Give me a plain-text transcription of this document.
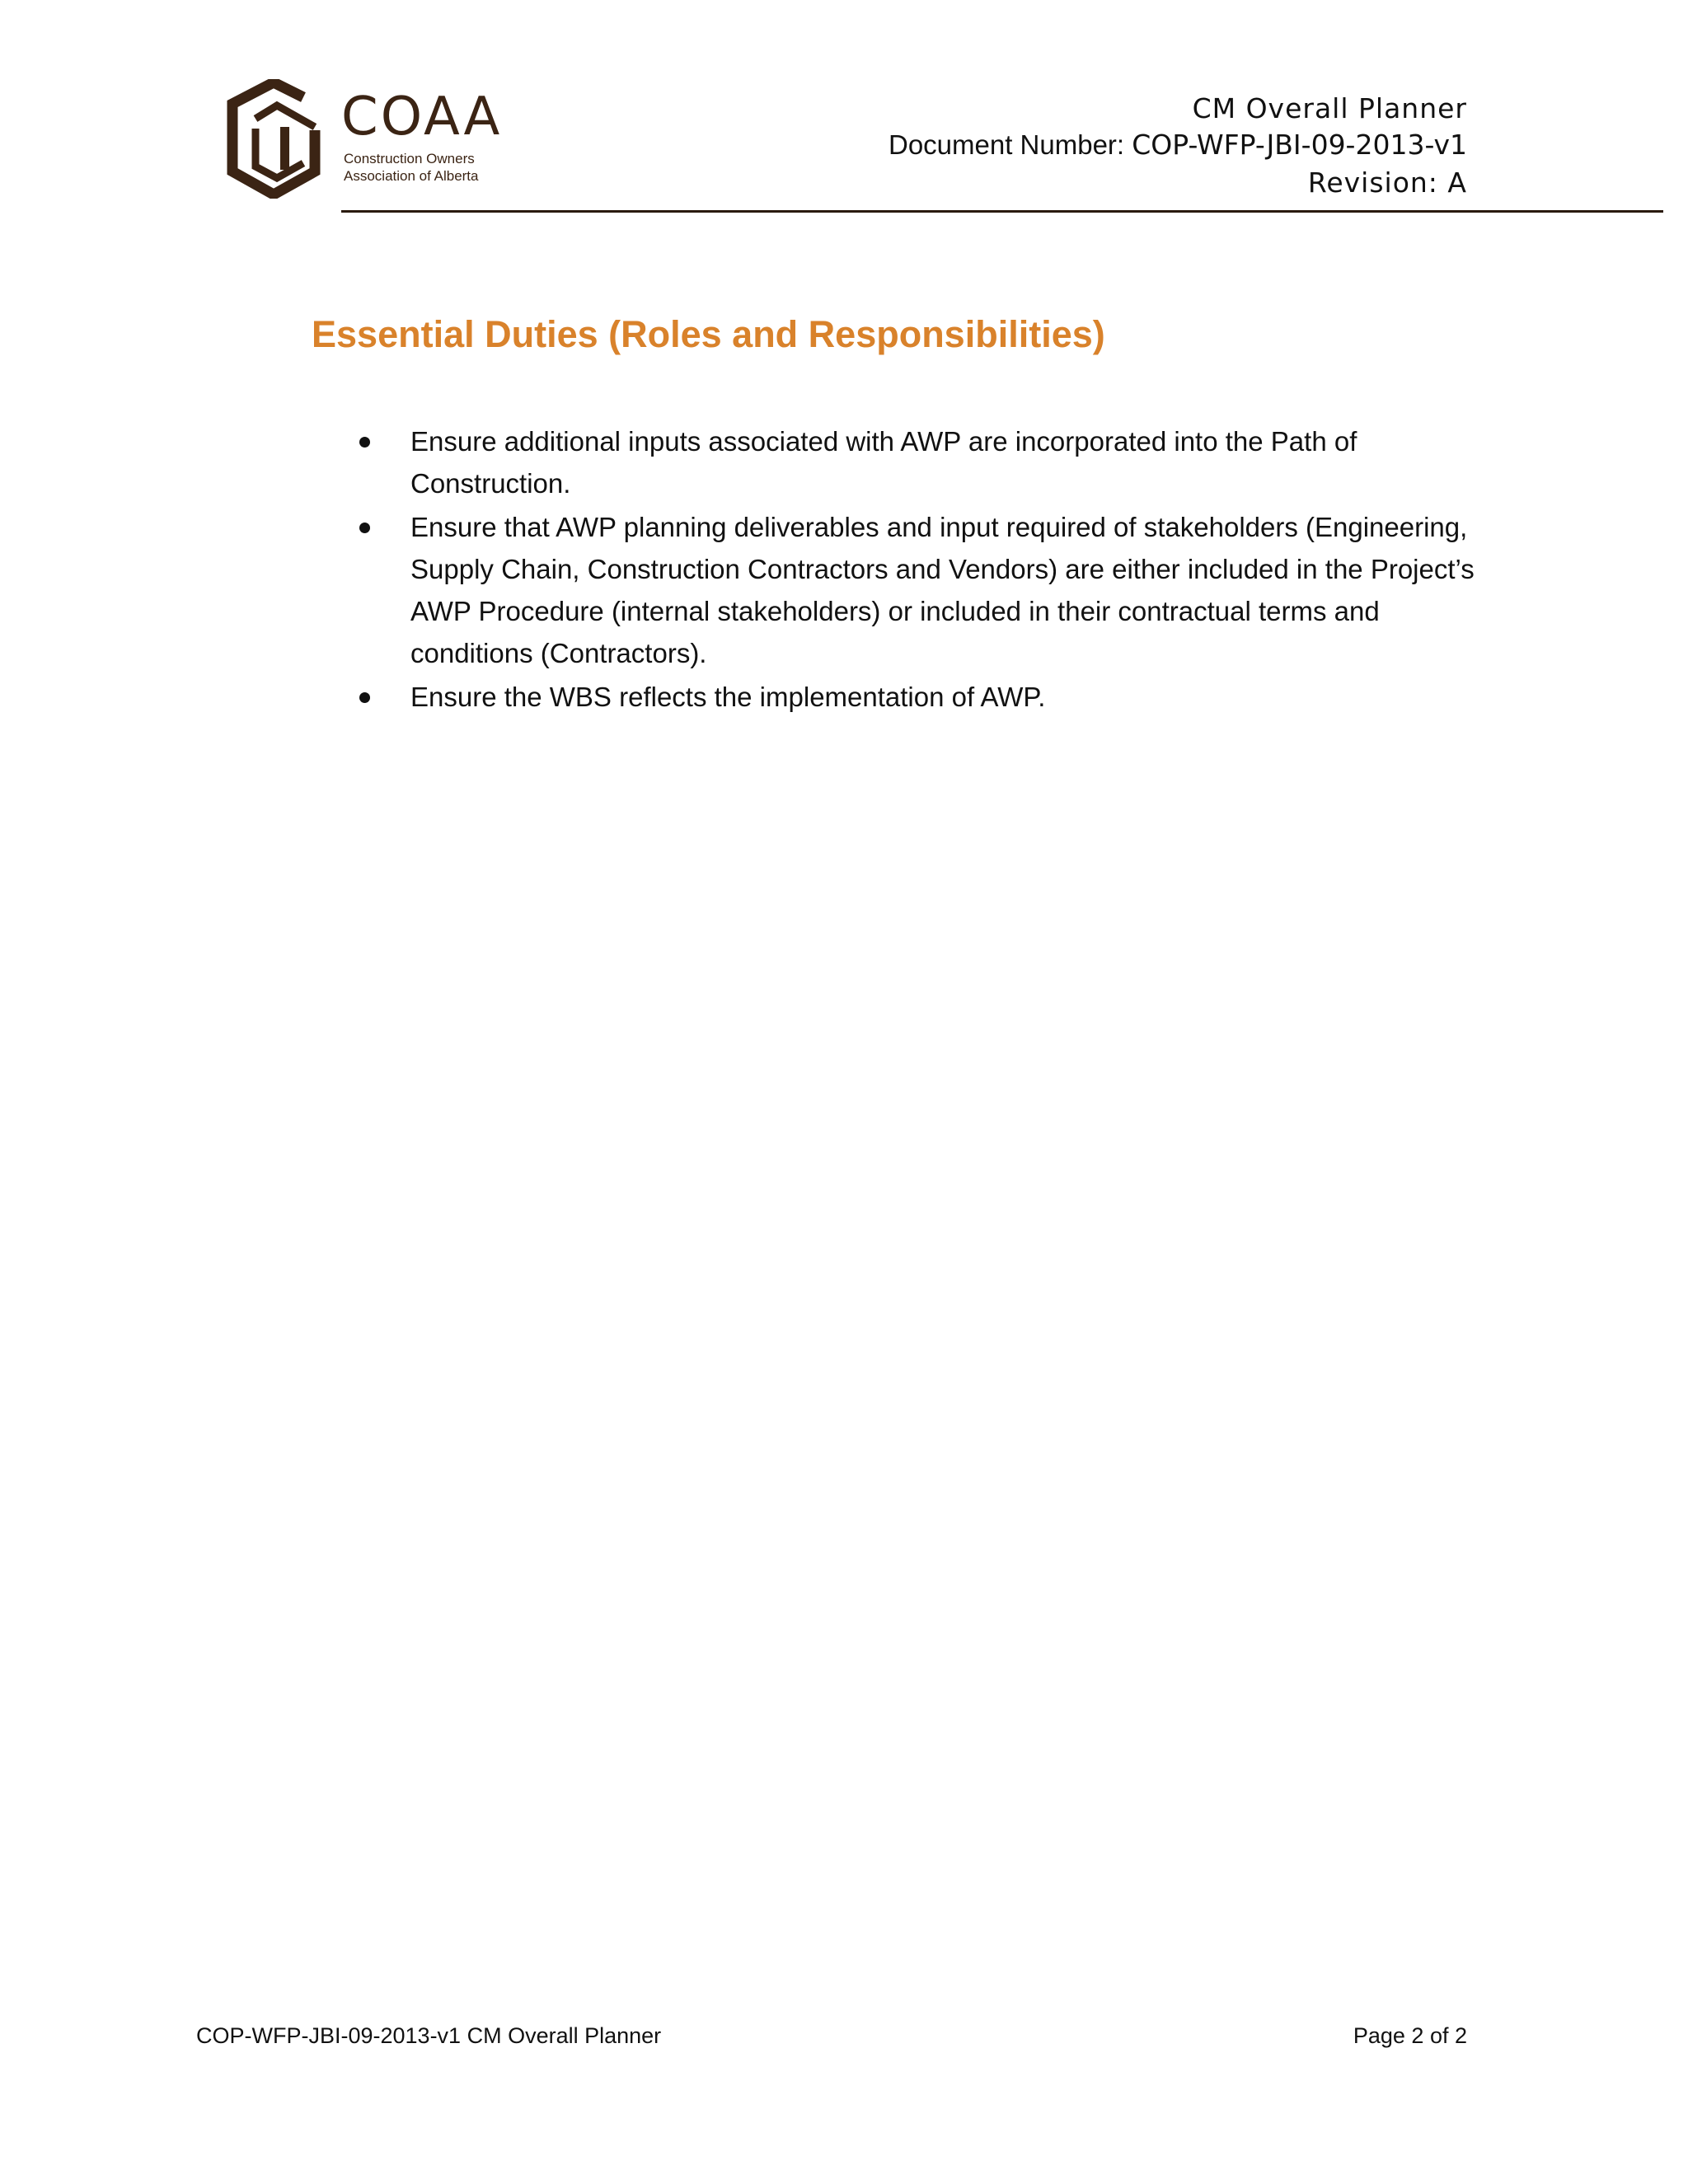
COAA
Construction Owners
Association of Alberta
CM Overall Planner
Document Number: COP-WFP-JBI-09-2013-v1
Revision: A
Essential Duties (Roles and Responsibilities)
Ensure additional inputs associated with AWP are incorporated into the Path of Construction.
Ensure that AWP planning deliverables and input required of stakeholders (Engineering, Supply Chain, Construction Contractors and Vendors) are either included in the Project’s AWP Procedure (internal stakeholders) or included in their contractual terms and conditions (Contractors).
Ensure the WBS reflects the implementation of AWP.
COP-WFP-JBI-09-2013-v1 CM Overall Planner	Page 2 of 2
